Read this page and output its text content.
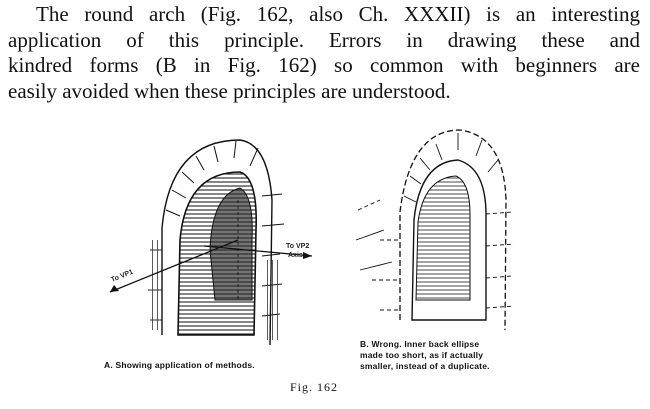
The round arch (Fig. 162, also Ch. XXXII) is an interesting
application of this principle. Errors in drawing these and
kindred forms (B in Fig. 162) so common with beginners are
easily avoided when these principles are understood.

To VP2
Axis
To VP1
A. Showing application of methods.
B. Wrong. Inner back ellipse
made too short, as if actually
smaller, instead of a duplicate.
Fig. 162
